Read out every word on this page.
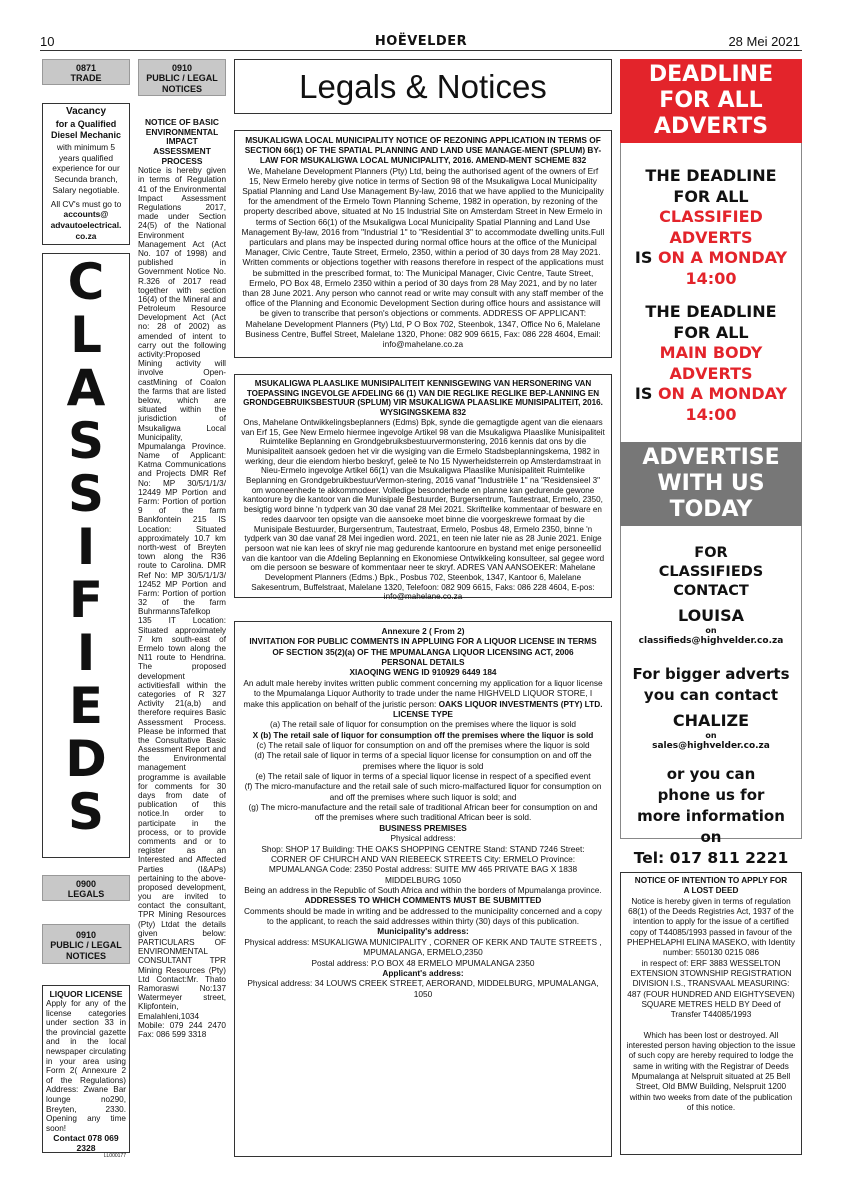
10	HOËVELDER	28 Mei 2021
0871
TRADE
Vacancy
for a Qualified Diesel Mechanic
with minimum 5 years qualified experience for our Secunda branch, Salary negotiable.
All CV's must go to
accounts@ advautoelectrical. co.za
C
L
A
S
S
I
F
I
E
D
S
0900
LEGALS
0910
PUBLIC / LEGAL NOTICES
LIQUOR LICENSE
Apply for any of the license categories under section 33 in the provincial gazette and in the local newspaper circulating in your area using Form 2( Annexure 2 of the Regulations) Address: Zwane Bar lounge no290, Breyten, 2330. Opening any time soon!
Contact 078 069 2328
LL000177
0910
PUBLIC / LEGAL NOTICES
NOTICE OF BASIC ENVIRONMENTAL IMPACT ASSESSMENT PROCESS
Notice is hereby given in terms of Regulation 41 of the Environmental Impact Assessment Regulations 2017, made under Section 24(5) of the National Environment Management Act (Act No. 107 of 1998) and published in Government Notice No. R.326 of 2017 read together with section 16(4) of the Mineral and Petroleum Resource Development Act (Act no: 28 of 2002) as amended of intent to carry out the following activity:Proposed Mining activity will involve Open-castMining of Coalon the farms that are listed below, which are situated within the jurisdiction of Msukaligwa Local Municipality, Mpumalanga Province. Name of Applicant: Katma Communications and Projects DMR Ref No: MP 30/5/1/1/3/ 12449 MP Portion and Farm: Portion of portion 9 of the farm Bankfontein 215 IS Location: Situated approximately 10.7 km north-west of Breyten town along the R36 route to Carolina. DMR Ref No: MP 30/5/1/1/3/ 12452 MP Portion and Farm: Portion of portion 32 of the farm BuhrmannsTafelkop 135 IT Location: Situated approximately 7 km south-east of Ermelo town along the N11 route to Hendrina. The proposed development activitiesfall within the categories of R 327 Activity 21(a,b) and therefore requires Basic Assessment Process. Please be informed that the Consultative Basic Assessment Report and the Environmental management programme is available for comments for 30 days from date of publication of this notice.In order to participate in the process, or to provide comments and or to register as an Interested and Affected Parties (I&APs) pertaining to the above-proposed development, you are invited to contact the consultant, TPR Mining Resources (Pty) Ltdat the details given below: PARTICULARS OF ENVIRONMENTAL CONSULTANT TPR Mining Resources (Pty) Ltd Contact:Mr. Thato Ramoraswi No:137 Watermeyer street, Klipfontein, Emalahleni,1034 Mobile: 079 244 2470 Fax: 086 599 3318
Legals & Notices
MSUKALIGWA LOCAL MUNICIPALITY NOTICE OF REZONING APPLICATION IN TERMS OF SECTION 66(1) OF THE SPATIAL PLANNING AND LAND USE MANAGE-MENT (SPLUM) BY-LAW FOR MSUKALIGWA LOCAL MUNICIPALITY, 2016. AMEND-MENT SCHEME 832
We, Mahelane Development Planners (Pty) Ltd, being the authorised agent of the owners of Erf 15, New Ermelo hereby give notice in terms of Section 98 of the Msukaligwa Local Municipality Spatial Planning and Land Use Management By-law, 2016 that we have applied to the Municipality for the amendment of the Ermelo Town Planning Scheme, 1982 in operation, by rezoning of the property described above, situated at No 15 Industrial Site on Amsterdam Street in New Ermelo in terms of Section 66(1) of the Msukaligwa Local Municipality Spatial Planning and Land Use Management By-law, 2016 from "Industrial 1" to "Residential 3" to accommodate dwelling units.Full particulars and plans may be inspected during normal office hours at the office of the Municipal Manager, Civic Centre, Taute Street, Ermelo, 2350, within a period of 30 days from 28 May 2021. Written comments or objections together with reasons therefore in respect of the applications must be submitted in the prescribed format, to: The Municipal Manager, Civic Centre, Taute Street, Ermelo, PO Box 48, Ermelo 2350 within a period of 30 days from 28 May 2021, and by no later than 28 June 2021. Any person who cannot read or write may consult with any staff member of the office of the Planning and Economic Development Section during office hours and assistance will be given to transcribe that person's objections or comments. ADDRESS OF APPLICANT: Mahelane Development Planners (Pty) Ltd, P O Box 702, Steenbok, 1347, Office No 6, Malelane Business Centre, Buffel Street, Malelane 1320, Phone: 082 909 6615, Fax: 086 228 4604, Email: info@mahelane.co.za
MSUKALIGWA PLAASLIKE MUNISIPALITEIT KENNISGEWING VAN HERSONERING VAN TOEPASSING INGEVOLGE AFDELING 66 (1) VAN DIE REGLIKE REGLIKE BEP-LANNING EN GRONDGEBRUIKSBESTUUR (SPLUM) VIR MSUKALIGWA PLAASLIKE MUNISIPALITEIT, 2016. WYSIGINGSKEMA 832
Ons, Mahelane Ontwikkelingsbeplanners (Edms) Bpk, synde die gemagtigde agent van die eienaars van Erf 15, Gee New Ermelo hiermee ingevolge Artikel 98 van die Msukaligwa Plaaslike Munisipaliteit Ruimtelike Beplanning en Grondgebruiksbestuurvermonstering, 2016 kennis dat ons by die Munisipaliteit aansoek gedoen het vir die wysiging van die Ermelo Stadsbeplanningskema, 1982 in werking, deur die eiendom hierbo beskryf, geleë te No 15 Nywerheidsterrein op Amsterdamstraat in Nieu-Ermelo ingevolge Artikel 66(1) van die Msukaligwa Plaaslike Munisipaliteit Ruimtelike Beplanning en GrondgebruikbestuurVermon-stering, 2016 vanaf "Industriële 1" na "Residensieel 3" om wooneenhede te akkommodeer. Volledige besonderhede en planne kan gedurende gewone kantoorure by die kantoor van die Munisipale Bestuurder, Burgersentrum, Tautestraat, Ermelo, 2350, besigtig word binne 'n tydperk van 30 dae vanaf 28 Mei 2021. Skriftelike kommentaar of besware en redes daarvoor ten opsigte van die aansoeke moet binne die voorgeskrewe formaat by die Munisipale Bestuurder, Burgersentrum, Tautestraat, Ermelo, Posbus 48, Ermelo 2350, binne 'n tydperk van 30 dae vanaf 28 Mei ingedien word. 2021, en teen nie later nie as 28 Junie 2021. Enige persoon wat nie kan lees of skryf nie mag gedurende kantoorure en bystand met enige personeellid van die kantoor van die Afdeling Beplanning en Ekonomiese Ontwikkeling konsulteer, sal gegee word om die persoon se besware of kommentaar neer te skryf. ADRES VAN AANSOEKER: Mahelane Development Planners (Edms.) Bpk., Posbus 702, Steenbok, 1347, Kantoor 6, Malelane Sakesentrum, Buffelstraat, Malelane 1320, Telefoon: 082 909 6615, Faks: 086 228 4604, E-pos: info@mahelane.co.za
Annexure 2 ( From 2)
INVITATION FOR PUBLIC COMMENTS IN APPLUING FOR A LIQUOR LICENSE IN TERMS OF SECTION 35(2)(a) OF THE MPUMALANGA LIQUOR LICENSING ACT, 2006
PERSONAL DETAILS
XIAOQING WENG ID 910929 6449 184
An adult male hereby invites written public comment concerning my application for a liquor license to the Mpumalanga Liquor Authority to trade under the name HIGHVELD LIQUOR STORE, I make this application on behalf of the juristic person: OAKS LIQUOR INVESTMENTS (PTY) LTD.
LICENSE TYPE
(a) The retail sale of liquor for consumption on the premises where the liquor is sold
X (b) The retail sale of liquor for consumption off the premises where the liquor is sold
(c) The retail sale of liquor for consumption on and off the premises where the liquor is sold
(d) The retail sale of liquor in terms of a special liquor license for consumption on and off the premises where the liquor is sold
(e) The retail sale of liquor in terms of a special liquor license in respect of a specified event
(f) The micro-manufacture and the retail sale of such micro-malfactured liquor for consumption on and off the premises where such liquor is sold; and
(g) The micro-manufacture and the retail sale of traditional African beer for consumption on and off the premises where such traditional African beer is sold.
BUSINESS PREMISES
Physical address:
Shop: SHOP 17 Building: THE OAKS SHOPPING CENTRE Stand: STAND 7246 Street: CORNER OF CHURCH AND VAN RIEBEECK STREETS City: ERMELO Province: MPUMALANGA Code: 2350 Postal address: SUITE MW 465 PRIVATE BAG X 1838 MIDDELBURG 1050
Being an address in the Republic of South Africa and within the borders of Mpumalanga province.
ADDRESSES TO WHICH COMMENTS MUST BE SUBMITTED
Comments should be made in writing and be addressed to the municipality concerned and a copy to the applicant, to reach the said addresses within thirty (30) days of this publication.
Municipality's address:
Physical address: MSUKALIGWA MUNICIPALITY , CORNER OF KERK AND TAUTE STREETS , MPUMALANGA, ERMELO,2350
Postal address: P.O BOX 48 ERMELO MPUMALANGA 2350
Applicant's address:
Physical address: 34 LOUWS CREEK STREET, AERORAND, MIDDELBURG, MPUMALANGA, 1050
DEADLINE
FOR ALL
ADVERTS
THE DEADLINE
FOR ALL
CLASSIFIED
ADVERTS
IS ON A MONDAY
14:00
THE DEADLINE
FOR ALL
MAIN BODY
ADVERTS
IS ON A MONDAY
14:00
ADVERTISE
WITH US
TODAY
FOR
CLASSIFIEDS
CONTACT
LOUISA
on
classifieds@highvelder.co.za
For bigger adverts
you can contact
CHALIZE
on
sales@highvelder.co.za
or you can
phone us for
more information
on
Tel: 017 811 2221
NOTICE OF INTENTION TO APPLY FOR
A LOST DEED
Notice is hereby given in terms of regulation 68(1) of the Deeds Registries Act, 1937 of the intention to apply for the issue of a certified copy of T44085/1993 passed in favour of the PHEPHELAPHI ELINA MASEKO, with Identity number: 550130 0215 086
in respect of: ERF 3883 WESSELTON EXTENSION 3TOWNSHIP REGISTRATION DIVISION I.S., TRANSVAAL MEASURING: 487 (FOUR HUNDRED AND EIGHTYSEVEN) SQUARE METRES HELD BY Deed of Transfer T44085/1993
Which has been lost or destroyed. All interested person having objection to the issue of such copy are hereby required to lodge the same in writing with the Registrar of Deeds Mpumalanga at Nelspruit situated at 25 Bell Street, Old BMW Building, Nelspruit 1200 within two weeks from date of the publication of this notice.
